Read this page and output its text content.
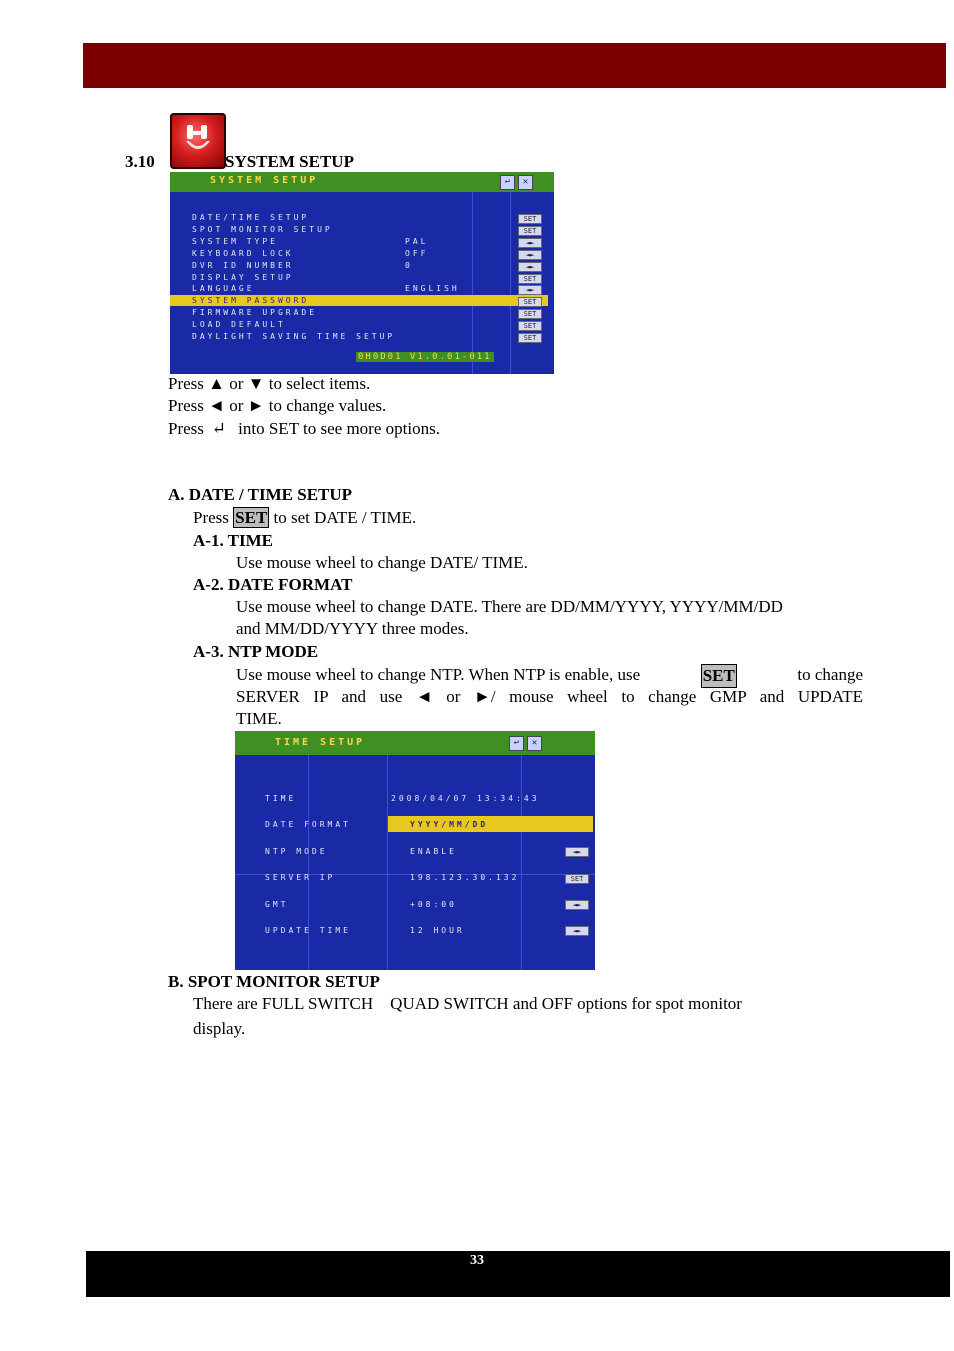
3.10	SYSTEM SETUP
SYSTEM SETUP	↩	✕
DATE/TIME SETUP	SET
SPOT MONITOR SETUP	SET
SYSTEM TYPE	PAL	◄►
KEYBOARD LOCK	OFF	◄►
DVR ID NUMBER	0	◄►
DISPLAY SETUP	SET
LANGUAGE	ENGLISH	◄►
SYSTEM PASSWORD	SET
FIRMWARE UPGRADE	SET
LOAD DEFAULT	SET
DAYLIGHT SAVING TIME SETUP	SET
0H0D01 V1.0.01-011
Press ▲ or ▼ to select items.
Press ◄ or ► to change values.
Press ↵ into SET to see more options.
A. DATE / TIME SETUP
Press SET to set DATE / TIME.
A-1. TIME
Use mouse wheel to change DATE/ TIME.
A-2. DATE FORMAT
Use mouse wheel to change DATE. There are DD/MM/YYYY, YYYY/MM/DD
and MM/DD/YYYY three modes.
A-3. NTP MODE
Use mouse wheel to change NTP. When NTP is enable, use	SET	to change
SERVER IP and use ◄ or ►/ mouse wheel to change GMP and UPDATE
TIME.
TIME SETUP	↩	✕
TIME	2008/04/07 13:34:43
DATE FORMAT	YYYY/MM/DD
NTP MODE	ENABLE	◄►
SERVER IP	198.123.30.132	SET
GMT	+08:00	◄►
UPDATE TIME	12 HOUR	◄►
B. SPOT MONITOR SETUP
There are FULL SWITCH　QUAD SWITCH and OFF options for spot monitor
display.
33
